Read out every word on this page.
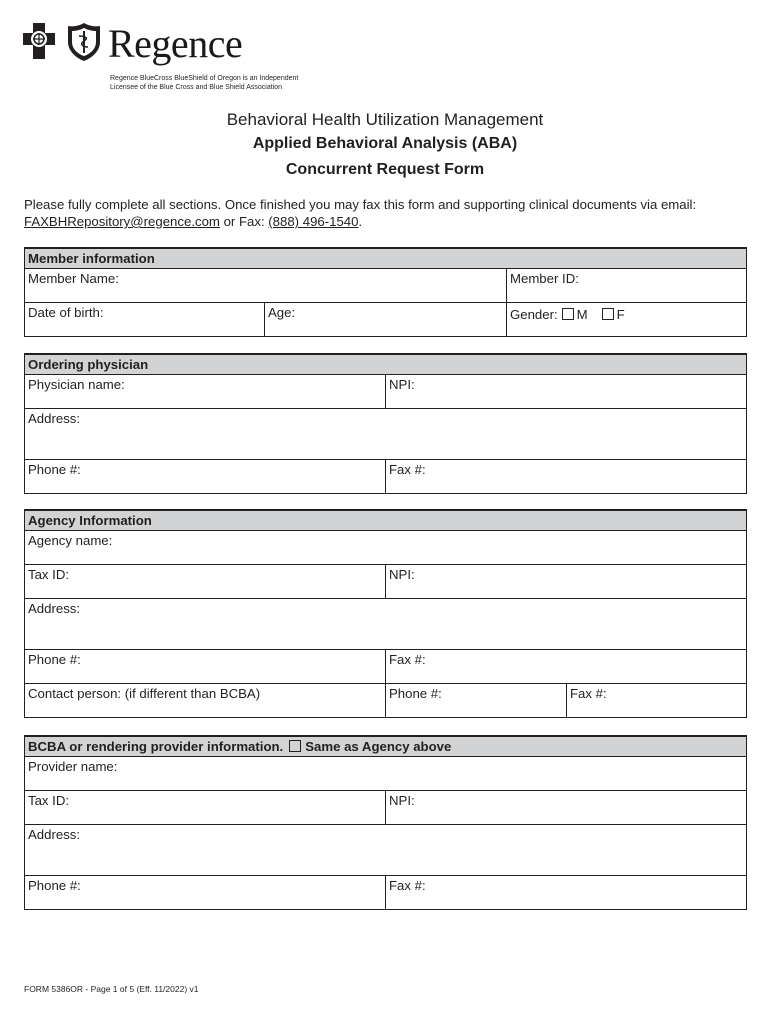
Regence
Regence BlueCross BlueShield of Oregon is an Independent
Licensee of the Blue Cross and Blue Shield Association
Behavioral Health Utilization Management
Applied Behavioral Analysis (ABA)
Concurrent Request Form
Please fully complete all sections. Once finished you may fax this form and supporting clinical documents via email:
FAXBHRepository@regence.com or Fax: (888) 496-1540.
Member information		
Member Name:		Member ID:
Date of birth:	Age:	Gender: M F
Ordering physician	
Physician name:	NPI:
Address:	
Phone #:	Fax #:
Agency Information		
Agency name:		
Tax ID:	NPI:	
Address:		
Phone #:	Fax #:	
Contact person: (if different than BCBA)	Phone #:	Fax #:
BCBA or rendering provider information. Same as Agency above	
Provider name:	
Tax ID:	NPI:
Address:	
Phone #:	Fax #:
FORM 5386OR - Page 1 of 5 (Eff. 11/2022) v1
